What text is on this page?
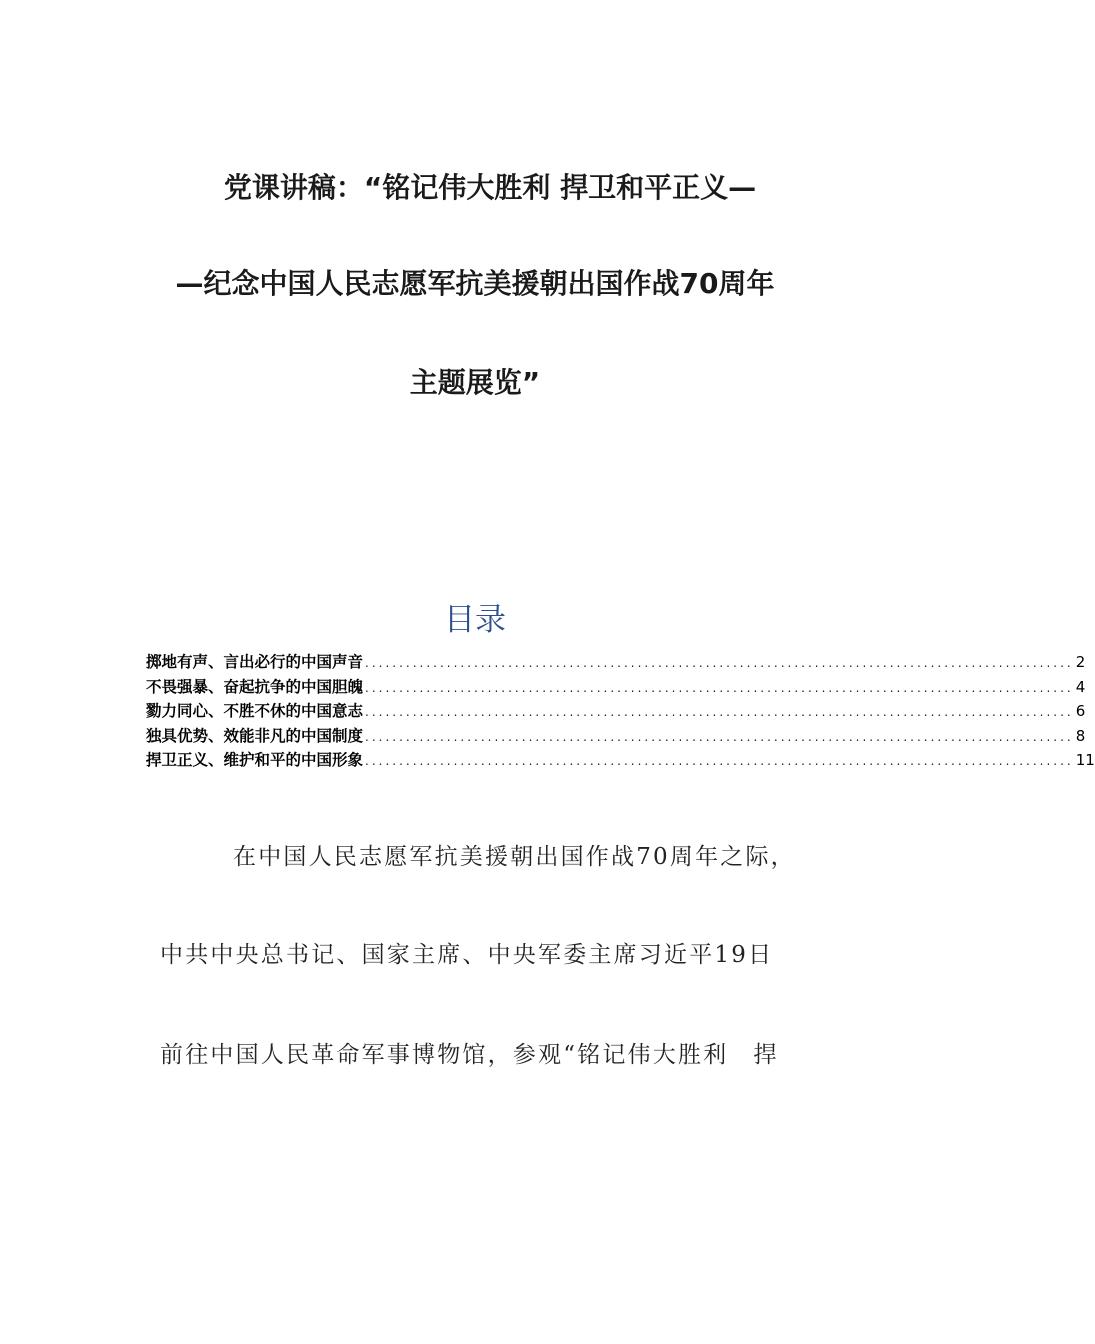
党课讲稿：“铭记伟大胜利 捍卫和平正义—
—纪念中国人民志愿军抗美援朝出国作战70周年
主题展览”
目录
掷地有声、言出必行的中国声音 ........................................................................................................ 2
不畏强暴、奋起抗争的中国胆魄 ........................................................................................................ 4
勠力同心、不胜不休的中国意志 ........................................................................................................ 6
独具优势、效能非凡的中国制度 ........................................................................................................ 8
捍卫正义、维护和平的中国形象 ........................................................................................................ 11
在中国人民志愿军抗美援朝出国作战70周年之际，
中共中央总书记、国家主席、中央军委主席习近平19日
前往中国人民革命军事博物馆，参观“铭记伟大胜利　捍
